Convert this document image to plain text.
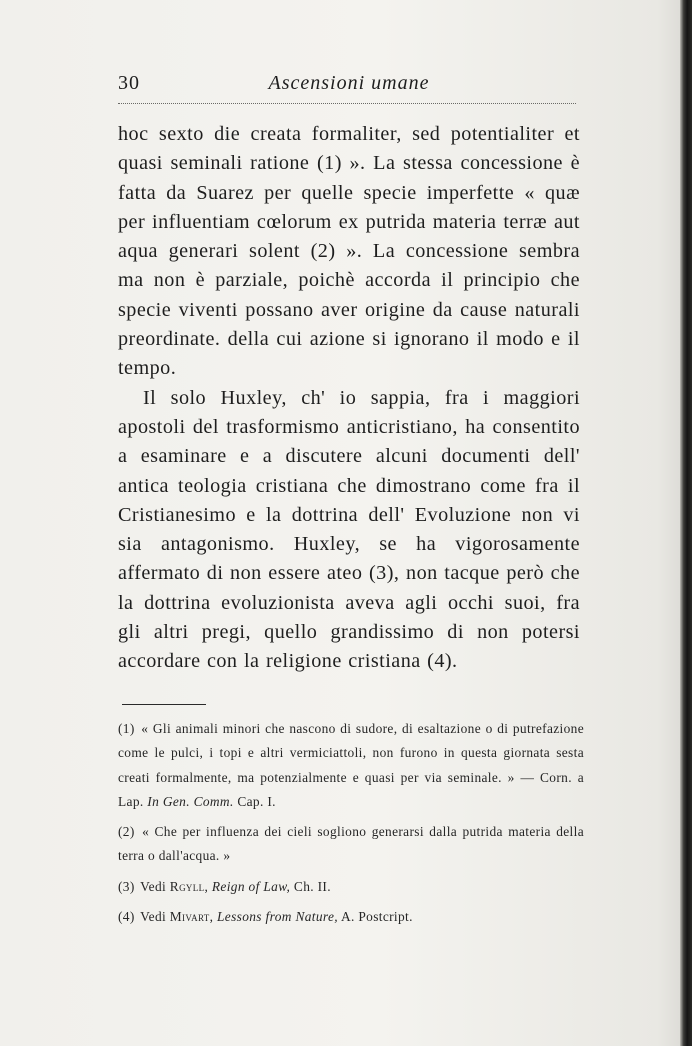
30	Ascensioni umane

hoc sexto die creata formaliter, sed potentialiter et quasi seminali ratione (1) ». La stessa concessione è fatta da Suarez per quelle specie imperfette « quæ per influentiam cœlorum ex putrida materia terræ aut aqua generari solent (2) ». La concessione sembra ma non è parziale, poichè accorda il principio che specie viventi possano aver origine da cause naturali preordinate. della cui azione si ignorano il modo e il tempo.

Il solo Huxley, ch' io sappia, fra i maggiori apostoli del trasformismo anticristiano, ha consentito a esaminare e a discutere alcuni documenti dell' antica teologia cristiana che dimostrano come fra il Cristianesimo e la dottrina dell' Evoluzione non vi sia antagonismo. Huxley, se ha vigorosamente affermato di non essere ateo (3), non tacque però che la dottrina evoluzionista aveva agli occhi suoi, fra gli altri pregi, quello grandissimo di non potersi accordare con la religione cristiana (4).

(1) « Gli animali minori che nascono di sudore, di esaltazione o di putrefazione come le pulci, i topi e altri vermiciattoli, non furono in questa giornata sesta creati formalmente, ma potenzialmente e quasi per via seminale. » — Corn. a Lap. In Gen. Comm. Cap. I.

(2) « Che per influenza dei cieli sogliono generarsi dalla putrida materia della terra o dall'acqua. »

(3) Vedi Rgyll, Reign of Law, Ch. II.

(4) Vedi Mivart, Lessons from Nature, A. Postcript.
